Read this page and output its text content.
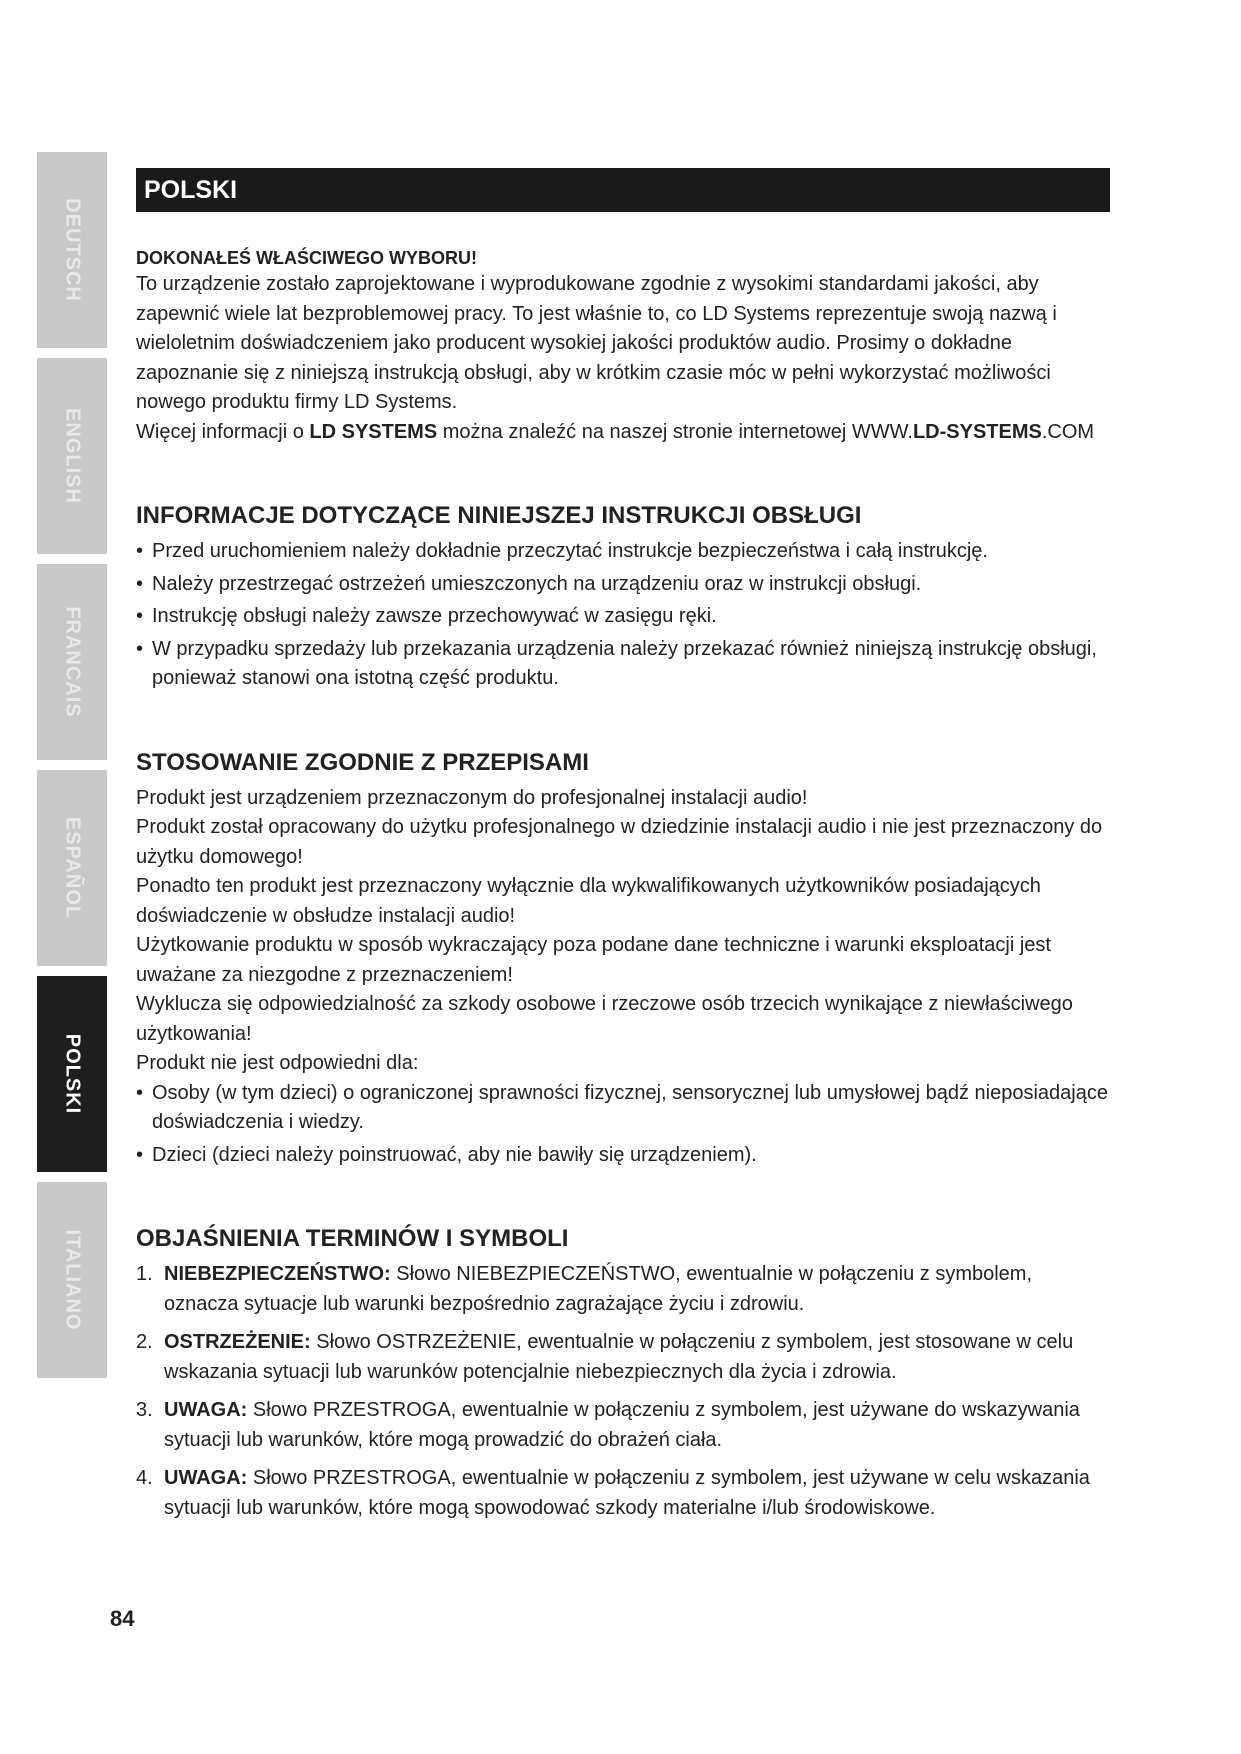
DEUTSCH
ENGLISH
FRANCAIS
ESPAÑOL
POLSKI
ITALIANO
POLSKI
DOKONAŁEŚ WŁAŚCIWEGO WYBORU!

To urządzenie zostało zaprojektowane i wyprodukowane zgodnie z wysokimi standardami jakości, aby zapewnić wiele lat bezproblemowej pracy. To jest właśnie to, co LD Systems reprezentuje swoją nazwą i wieloletnim doświadczeniem jako producent wysokiej jakości produktów audio. Prosimy o dokładne zapoznanie się z niniejszą instrukcją obsługi, aby w krótkim czasie móc w pełni wykorzystać możliwości nowego produktu firmy LD Systems.

Więcej informacji o LD SYSTEMS można znaleźć na naszej stronie internetowej WWW.LD-SYSTEMS.COM

INFORMACJE DOTYCZĄCE NINIEJSZEJ INSTRUKCJI OBSŁUGI
• Przed uruchomieniem należy dokładnie przeczytać instrukcje bezpieczeństwa i całą instrukcję.
• Należy przestrzegać ostrzeżeń umieszczonych na urządzeniu oraz w instrukcji obsługi.
• Instrukcję obsługi należy zawsze przechowywać w zasięgu ręki.
• W przypadku sprzedaży lub przekazania urządzenia należy przekazać również niniejszą instrukcję obsługi, ponieważ stanowi ona istotną część produktu.
STOSOWANIE ZGODNIE Z PRZEPISAMI

Produkt jest urządzeniem przeznaczonym do profesjonalnej instalacji audio!

Produkt został opracowany do użytku profesjonalnego w dziedzinie instalacji audio i nie jest przeznaczony do użytku domowego!

Ponadto ten produkt jest przeznaczony wyłącznie dla wykwalifikowanych użytkowników posiadających doświadczenie w obsłudze instalacji audio!

Użytkowanie produktu w sposób wykraczający poza podane dane techniczne i warunki eksploatacji jest uważane za niezgodne z przeznaczeniem!

Wyklucza się odpowiedzialność za szkody osobowe i rzeczowe osób trzecich wynikające z niewłaściwego użytkowania!

Produkt nie jest odpowiedni dla:

• Osoby (w tym dzieci) o ograniczonej sprawności fizycznej, sensorycznej lub umysłowej bądź nieposiadające doświadczenia i wiedzy.
• Dzieci (dzieci należy poinstruować, aby nie bawiły się urządzeniem).
OBJAŚNIENIA TERMINÓW I SYMBOLI
1. NIEBEZPIECZEŃSTWO: Słowo NIEBEZPIECZEŃSTWO, ewentualnie w połączeniu z symbolem, oznacza sytuacje lub warunki bezpośrednio zagrażające życiu i zdrowiu.
2. OSTRZEŻENIE: Słowo OSTRZEŻENIE, ewentualnie w połączeniu z symbolem, jest stosowane w celu wskazania sytuacji lub warunków potencjalnie niebezpiecznych dla życia i zdrowia.
3. UWAGA: Słowo PRZESTROGA, ewentualnie w połączeniu z symbolem, jest używane do wskazywania sytuacji lub warunków, które mogą prowadzić do obrażeń ciała.
4. UWAGA: Słowo PRZESTROGA, ewentualnie w połączeniu z symbolem, jest używane w celu wskazania sytuacji lub warunków, które mogą spowodować szkody materialne i/lub środowiskowe.
84
